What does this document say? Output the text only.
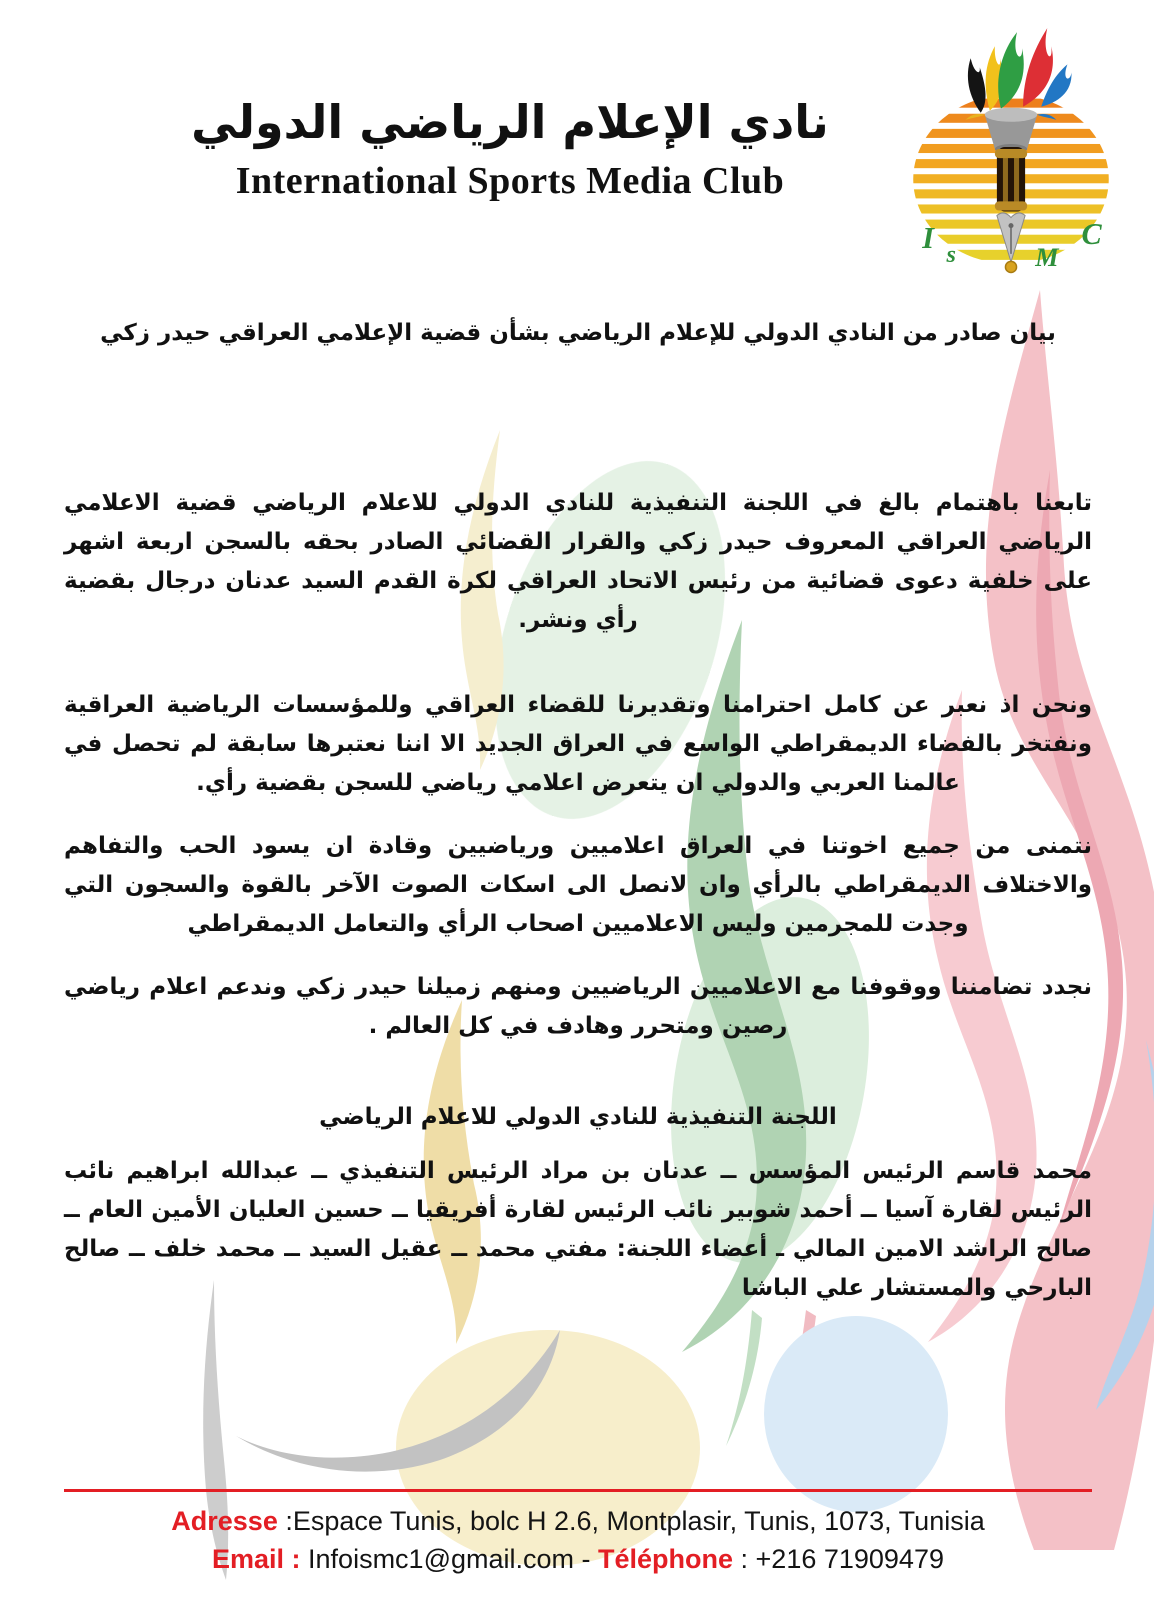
نادي الإعلام الرياضي الدولي
International Sports Media Club
I s	M
C

بيان صادر من النادي الدولي للإعلام الرياضي بشأن قضية الإعلامي العراقي حيدر زكي

تابعنا باهتمام بالغ في اللجنة التنفيذية للنادي الدولي للاعلام الرياضي قضية الاعلامي الرياضي العراقي المعروف حيدر زكي والقرار القضائي الصادر بحقه بالسجن اربعة اشهر على خلفية دعوى قضائية من رئيس الاتحاد العراقي لكرة القدم السيد عدنان درجال بقضية رأي ونشر.

ونحن اذ نعبر عن كامل احترامنا وتقديرنا للقضاء العراقي وللمؤسسات الرياضية العراقية ونفتخر بالفضاء الديمقراطي الواسع في العراق الجديد الا اننا نعتبرها سابقة لم تحصل في عالمنا العربي والدولي ان يتعرض اعلامي رياضي للسجن بقضية رأي.

نتمنى من جميع اخوتنا في العراق اعلاميين ورياضيين وقادة ان يسود الحب والتفاهم والاختلاف الديمقراطي بالرأي وان لانصل الى اسكات الصوت الآخر بالقوة والسجون التي وجدت للمجرمين وليس الاعلاميين اصحاب الرأي والتعامل الديمقراطي

نجدد تضامننا ووقوفنا مع الاعلاميين الرياضيين ومنهم زميلنا حيدر زكي وندعم اعلام رياضي رصين ومتحرر وهادف في كل العالم .

اللجنة التنفيذية للنادي الدولي للاعلام الرياضي

محمد قاسم الرئيس المؤسس ــ عدنان بن مراد الرئيس التنفيذي ــ عبدالله ابراهيم نائب الرئيس لقارة آسيا ــ أحمد شوبير نائب الرئيس لقارة أفريقيا ــ حسين العليان الأمين العام ــ صالح الراشد الامين المالي ـ أعضاء اللجنة: مفتي محمد ــ عقيل السيد ــ محمد خلف ــ صالح البارحي والمستشار علي الباشا

Adresse :Espace Tunis, bolc H 2.6, Montplasir, Tunis, 1073, Tunisia
Email : Infoismc1@gmail.com - Téléphone : +216 71909479
